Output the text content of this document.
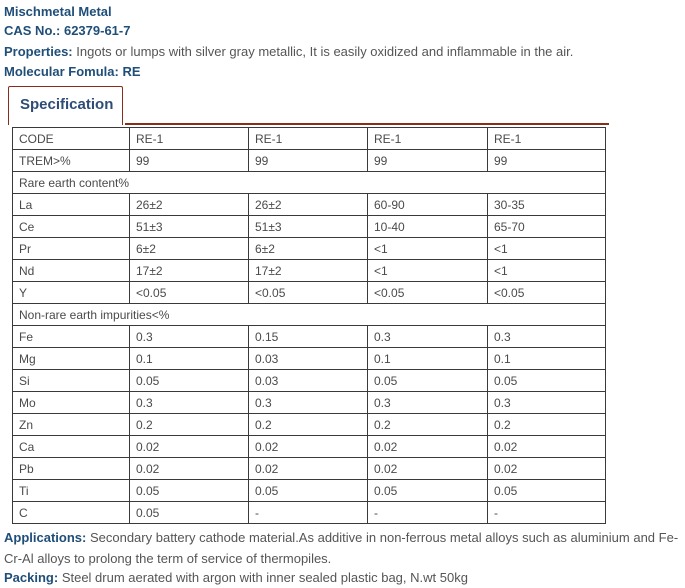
Mischmetal Metal
CAS No.: 62379-61-7
Properties: Ingots or lumps with silver gray metallic, It is easily oxidized and inflammable in the air.
Molecular Fomula: RE
Specification
CODE	RE-1	RE-1	RE-1	RE-1
TREM>%	99	99	99	99
Rare earth content%				
La	26±2	26±2	60-90	30-35
Ce	51±3	51±3	10-40	65-70
Pr	6±2	6±2	<1	<1
Nd	17±2	17±2	<1	<1
Y	<0.05	<0.05	<0.05	<0.05
Non-rare earth impurities<%				
Fe	0.3	0.15	0.3	0.3
Mg	0.1	0.03	0.1	0.1
Si	0.05	0.03	0.05	0.05
Mo	0.3	0.3	0.3	0.3
Zn	0.2	0.2	0.2	0.2
Ca	0.02	0.02	0.02	0.02
Pb	0.02	0.02	0.02	0.02
Ti	0.05	0.05	0.05	0.05
C	0.05	-	-	-
Applications: Secondary battery cathode material.As additive in non-ferrous metal alloys such as aluminium and Fe-Cr-Al alloys to prolong the term of service of thermopiles.
Packing: Steel drum aerated with argon with inner sealed plastic bag, N.wt 50kg
